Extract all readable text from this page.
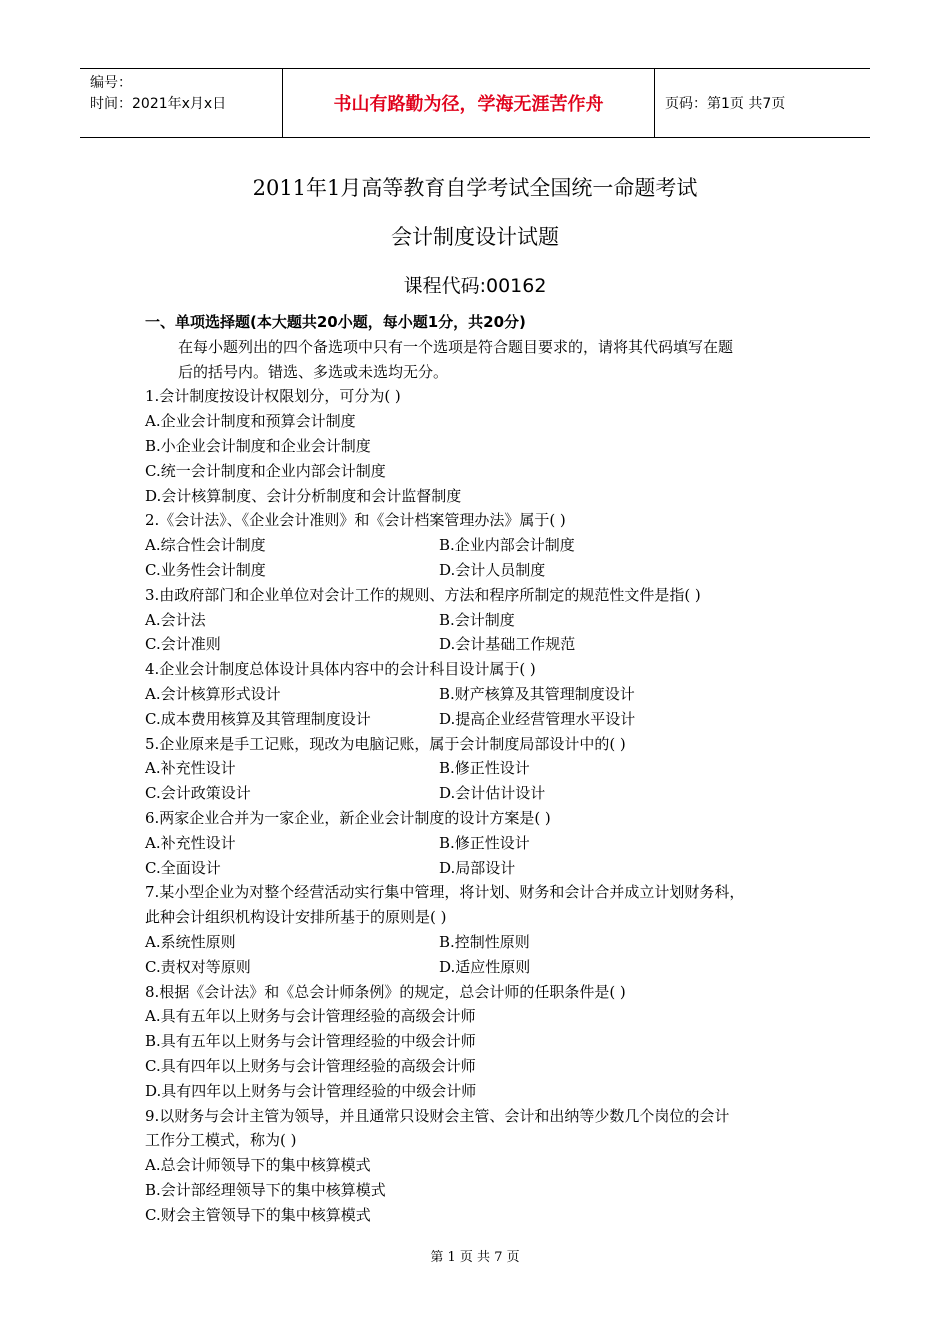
编号：
时间：2021年x月x日	书山有路勤为径，学海无涯苦作舟	页码：第1页 共7页
2011年1月高等教育自学考试全国统一命题考试
会计制度设计试题
课程代码:00162
一、单项选择题(本大题共20小题，每小题1分，共20分)
在每小题列出的四个备选项中只有一个选项是符合题目要求的，请将其代码填写在题
后的括号内。错选、多选或未选均无分。
1.会计制度按设计权限划分，可分为( )
A.企业会计制度和预算会计制度
B.小企业会计制度和企业会计制度
C.统一会计制度和企业内部会计制度
D.会计核算制度、会计分析制度和会计监督制度
2.《会计法》、《企业会计准则》和《会计档案管理办法》属于( )
A.综合性会计制度	B.企业内部会计制度
C.业务性会计制度	D.会计人员制度
3.由政府部门和企业单位对会计工作的规则、方法和程序所制定的规范性文件是指( )
A.会计法	B.会计制度
C.会计准则	D.会计基础工作规范
4.企业会计制度总体设计具体内容中的会计科目设计属于( )
A.会计核算形式设计	B.财产核算及其管理制度设计
C.成本费用核算及其管理制度设计	D.提高企业经营管理水平设计
5.企业原来是手工记账，现改为电脑记账，属于会计制度局部设计中的( )
A.补充性设计	B.修正性设计
C.会计政策设计	D.会计估计设计
6.两家企业合并为一家企业，新企业会计制度的设计方案是( )
A.补充性设计	B.修正性设计
C.全面设计	D.局部设计
7.某小型企业为对整个经营活动实行集中管理，将计划、财务和会计合并成立计划财务科，
此种会计组织机构设计安排所基于的原则是( )
A.系统性原则	B.控制性原则
C.责权对等原则	D.适应性原则
8.根据《会计法》和《总会计师条例》的规定，总会计师的任职条件是( )
A.具有五年以上财务与会计管理经验的高级会计师
B.具有五年以上财务与会计管理经验的中级会计师
C.具有四年以上财务与会计管理经验的高级会计师
D.具有四年以上财务与会计管理经验的中级会计师
9.以财务与会计主管为领导，并且通常只设财会主管、会计和出纳等少数几个岗位的会计
工作分工模式，称为( )
A.总会计师领导下的集中核算模式
B.会计部经理领导下的集中核算模式
C.财会主管领导下的集中核算模式
第 1 页 共 7 页
